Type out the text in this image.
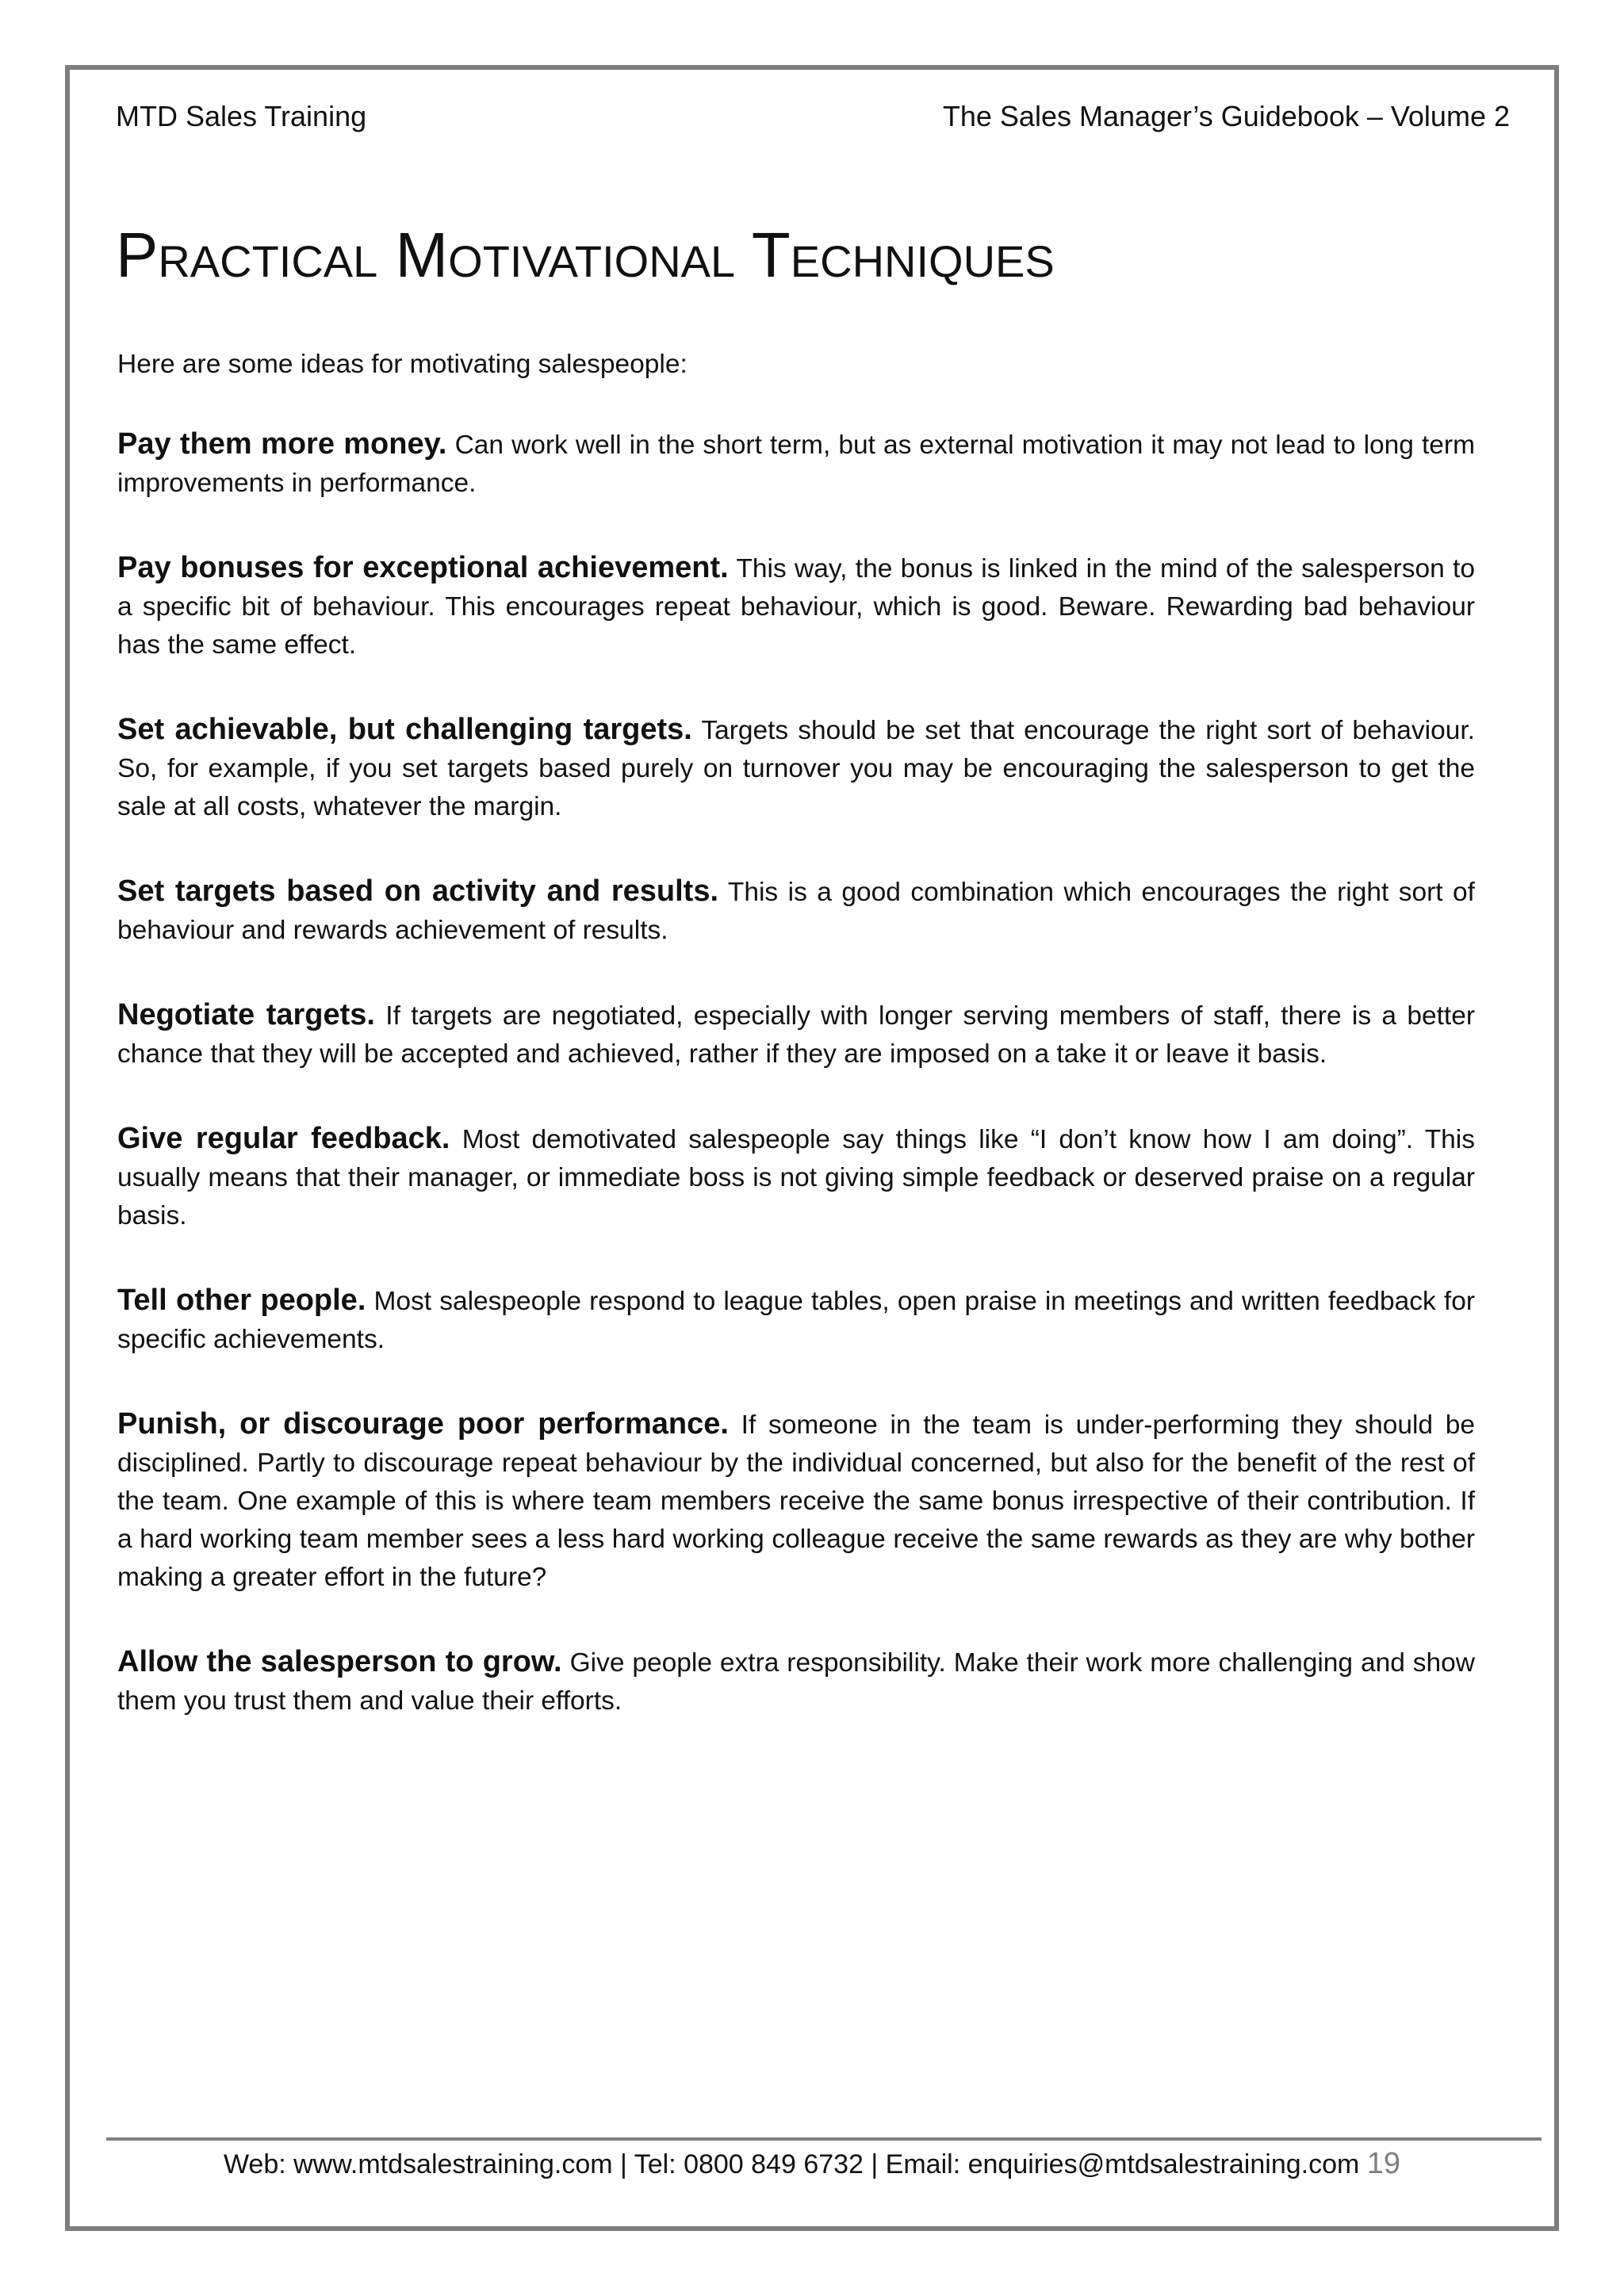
MTD Sales Training	The Sales Manager’s Guidebook – Volume 2
Practical Motivational Techniques

Here are some ideas for motivating salespeople:

Pay them more money. Can work well in the short term, but as external motivation it may not lead to long term improvements in performance.

Pay bonuses for exceptional achievement. This way, the bonus is linked in the mind of the salesperson to a specific bit of behaviour. This encourages repeat behaviour, which is good. Beware. Rewarding bad behaviour has the same effect.

Set achievable, but challenging targets. Targets should be set that encourage the right sort of behaviour. So, for example, if you set targets based purely on turnover you may be encouraging the salesperson to get the sale at all costs, whatever the margin.

Set targets based on activity and results. This is a good combination which encourages the right sort of behaviour and rewards achievement of results.

Negotiate targets. If targets are negotiated, especially with longer serving members of staff, there is a better chance that they will be accepted and achieved, rather if they are imposed on a take it or leave it basis.

Give regular feedback. Most demotivated salespeople say things like “I don’t know how I am doing”. This usually means that their manager, or immediate boss is not giving simple feedback or deserved praise on a regular basis.

Tell other people. Most salespeople respond to league tables, open praise in meetings and written feedback for specific achievements.

Punish, or discourage poor performance. If someone in the team is under-performing they should be disciplined. Partly to discourage repeat behaviour by the individual concerned, but also for the benefit of the rest of the team. One example of this is where team members receive the same bonus irrespective of their contribution. If a hard working team member sees a less hard working colleague receive the same rewards as they are why bother making a greater effort in the future?

Allow the salesperson to grow. Give people extra responsibility. Make their work more challenging and show them you trust them and value their efforts.

Web: www.mtdsalestraining.com | Tel: 0800 849 6732 | Email: enquiries@mtdsalestraining.com 19
